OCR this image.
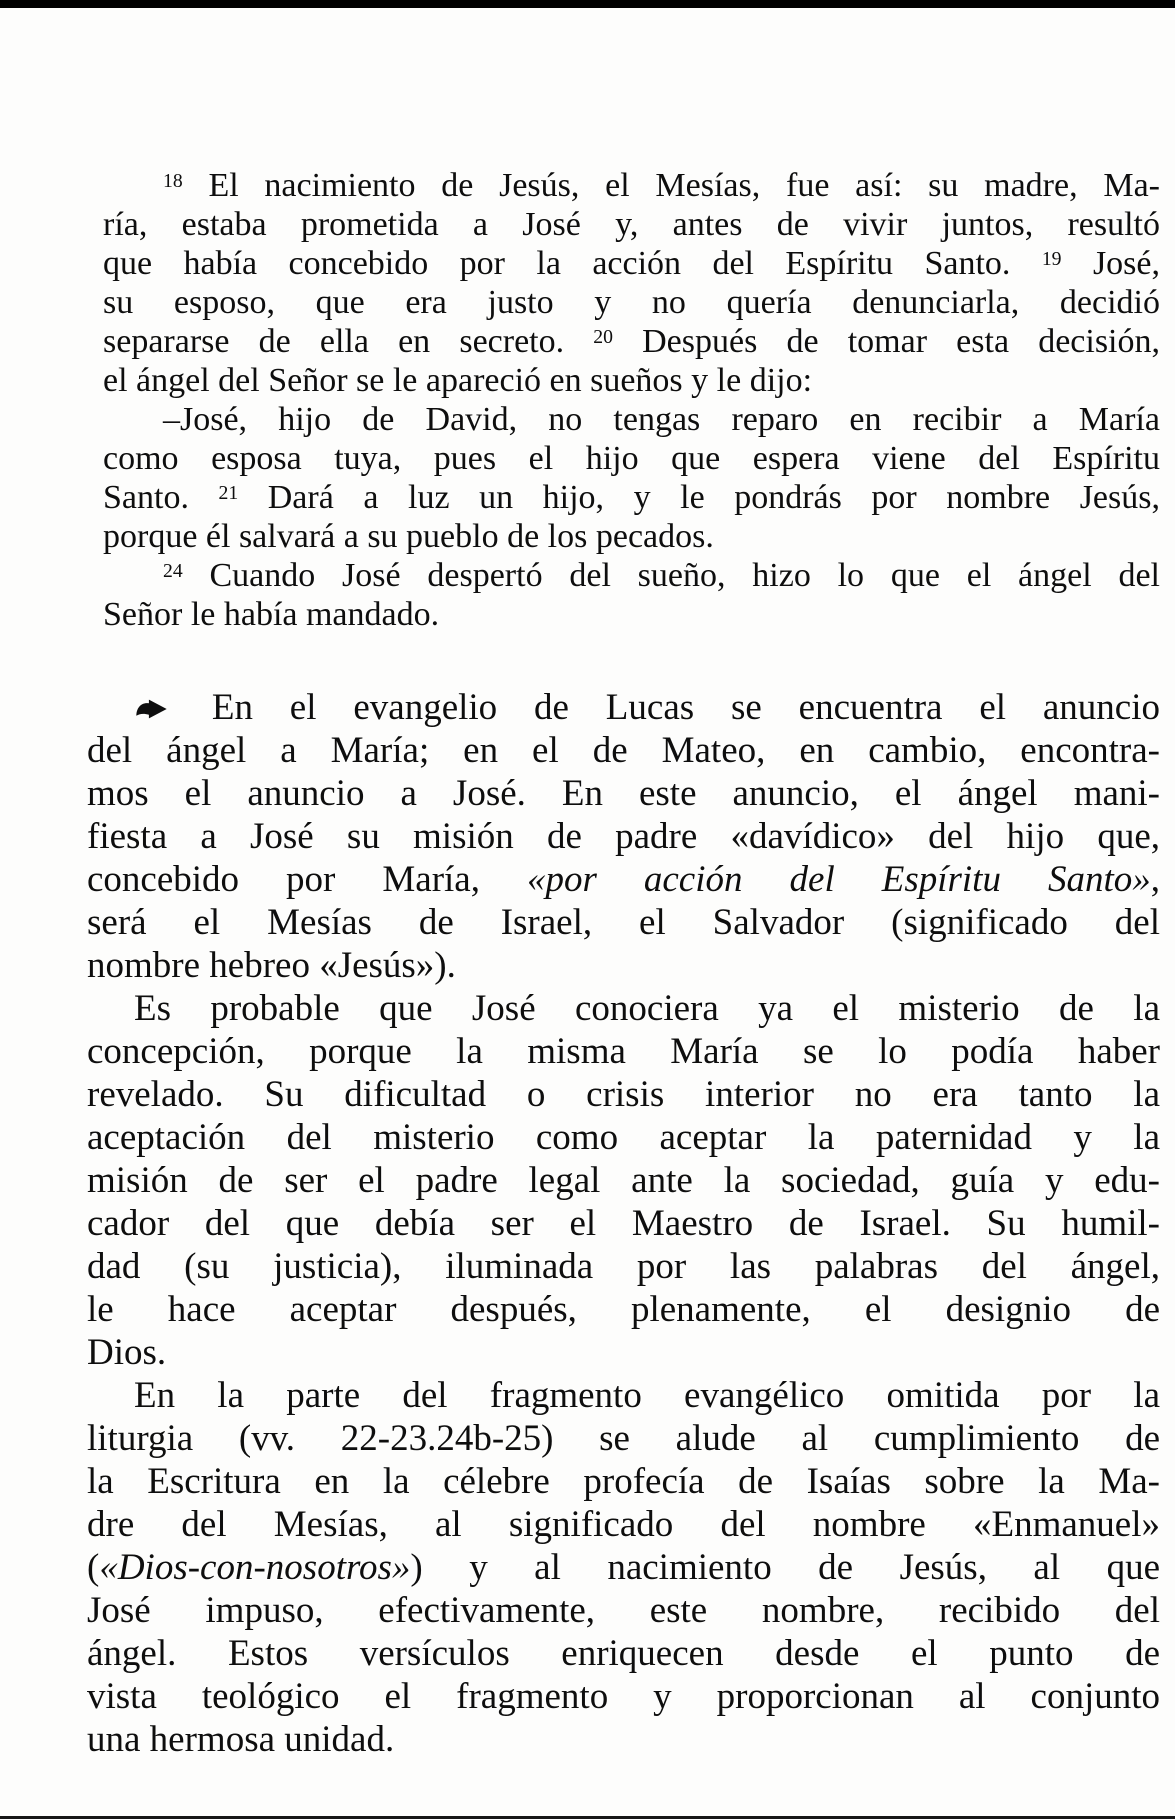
$^{18}$ El nacimiento de Jesús, el Mesías, fue así: su madre, Ma-
ría, estaba prometida a José y, antes de vivir juntos, resultó
que había concebido por la acción del Espíritu Santo. $^{19}$ José,
su esposo, que era justo y no quería denunciarla, decidió
separarse de ella en secreto. $^{20}$ Después de tomar esta decisión,
el ángel del Señor se le apareció en sueños y le dijo:
–José, hijo de David, no tengas reparo en recibir a María
como esposa tuya, pues el hijo que espera viene del Espíritu
Santo. $^{21}$ Dará a luz un hijo, y le pondrás por nombre Jesús,
porque él salvará a su pueblo de los pecados.
$^{24}$ Cuando José despertó del sueño, hizo lo que el ángel del
Señor le había mandado.
En el evangelio de Lucas se encuentra el anuncio
del ángel a María; en el de Mateo, en cambio, encontra-
mos el anuncio a José. En este anuncio, el ángel mani-
fiesta a José su misión de padre «davídico» del hijo que,
concebido por María, «por acción del Espíritu Santo»,
será el Mesías de Israel, el Salvador (significado del
nombre hebreo «Jesús»).
Es probable que José conociera ya el misterio de la
concepción, porque la misma María se lo podía haber
revelado. Su dificultad o crisis interior no era tanto la
aceptación del misterio como aceptar la paternidad y la
misión de ser el padre legal ante la sociedad, guía y edu-
cador del que debía ser el Maestro de Israel. Su humil-
dad (su justicia), iluminada por las palabras del ángel,
le hace aceptar después, plenamente, el designio de
Dios.
En la parte del fragmento evangélico omitida por la
liturgia (vv. 22-23.24b-25) se alude al cumplimiento de
la Escritura en la célebre profecía de Isaías sobre la Ma-
dre del Mesías, al significado del nombre «Enmanuel»
(«Dios-con-nosotros») y al nacimiento de Jesús, al que
José impuso, efectivamente, este nombre, recibido del
ángel. Estos versículos enriquecen desde el punto de
vista teológico el fragmento y proporcionan al conjunto
una hermosa unidad.
